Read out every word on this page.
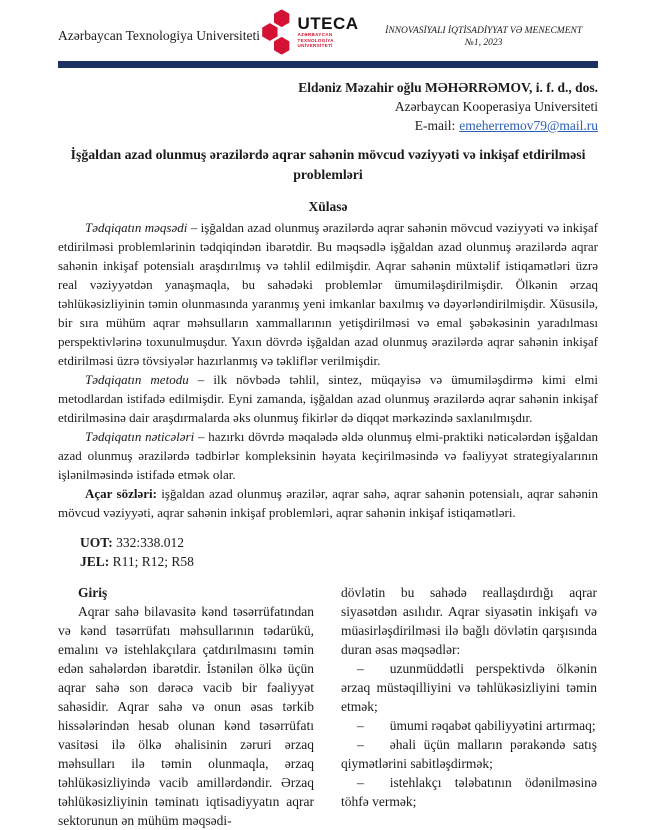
Azərbaycan Texnologiya Universiteti
UTECA
AZƏRBAYCAN TEXNOLOGİYA
UNİVERSİTETİ
İNNOVASİYALI İQTİSADİYYAT VƏ MENECMENT
№1, 2023
Eldəniz Məzahir oğlu MƏHƏRRƏMOV, i. f. d., dos.
Azərbaycan Kooperasiya Universiteti
E-mail: emeherremov79@mail.ru
İşğaldan azad olunmuş ərazilərdə aqrar sahənin mövcud vəziyyəti və inkişaf etdirilməsi problemləri
Xülasə

Tədqiqatın məqsədi – işğaldan azad olunmuş ərazilərdə aqrar sahənin mövcud vəziyyəti və inkişaf etdirilməsi problemlərinin tədqiqindən ibarətdir. Bu məqsədlə işğaldan azad olunmuş ərazilərdə aqrar sahənin inkişaf potensialı araşdırılmış və təhlil edilmişdir. Aqrar sahənin müxtəlif istiqamətləri üzrə real vəziyyətdən yanaşmaqla, bu sahədəki problemlər ümumiləşdirilmişdir. Ölkənin ərzaq təhlükəsizliyinin təmin olunmasında yaranmış yeni imkanlar baxılmış və dəyərləndirilmişdir. Xüsusilə, bir sıra mühüm aqrar məhsulların xammallarının yetişdirilməsi və emal şəbəkəsinin yaradılması perspektivlərinə toxunulmuşdur. Yaxın dövrdə işğaldan azad olunmuş ərazilərdə aqrar sahənin inkişaf etdirilməsi üzrə tövsiyələr hazırlanmış və təkliflər verilmişdir.

Tədqiqatın metodu – ilk növbədə təhlil, sintez, müqayisə və ümumiləşdirmə kimi elmi metodlardan istifadə edilmişdir. Eyni zamanda, işğaldan azad olunmuş ərazilərdə aqrar sahənin inkişaf etdirilməsinə dair araşdırmalarda əks olunmuş fikirlər də diqqət mərkəzində saxlanılmışdır.

Tədqiqatın nəticələri – hazırkı dövrdə məqalədə əldə olunmuş elmi-praktiki nəticələrdən işğaldan azad olunmuş ərazilərdə tədbirlər kompleksinin həyata keçirilməsində və fəaliyyət strategiyalarının işlənilməsində istifadə etmək olar.

Açar sözləri: işğaldan azad olunmuş ərazilər, aqrar sahə, aqrar sahənin potensialı, aqrar sahənin mövcud vəziyyəti, aqrar sahənin inkişaf problemləri, aqrar sahənin inkişaf istiqamətləri.

UOT: 332:338.012
JEL: R11; R12; R58
Giriş

Aqrar sahə bilavasitə kənd təsərrüfatından və kənd təsərrüfatı məhsullarının tədarükü, emalını və istehlakçılara çatdırılmasını təmin edən sahələrdən ibarətdir. İstənilən ölkə üçün aqrar sahə son dərəcə vacib bir fəaliyyət sahəsidir. Aqrar sahə və onun əsas tərkib hissələrindən hesab olunan kənd təsərrüfatı vasitəsi ilə ölkə əhalisinin zəruri ərzaq məhsulları ilə təmin olunmaqla, ərzaq təhlükəsizliyində vacib amillərdəndir. Ərzaq təhlükəsizliyinin təminatı iqtisadiyyatın aqrar sektorunun ən mühüm məqsədi-

dövlətin bu sahədə reallaşdırdığı aqrar siyasətdən asılıdır. Aqrar siyasətin inkişafı və müasirləşdirilməsi ilə bağlı dövlətin qarşısında duran əsas məqsədlər:

– uzunmüddətli perspektivdə ölkənin ərzaq müstəqilliyini və təhlükəsizliyini təmin etmək;

– ümumi rəqabət qabiliyyətini artırmaq;

– əhali üçün malların pərakəndə satış qiymətlərini sabitləşdirmək;

– istehlakçı tələbatının ödənilməsinə töhfə vermək;
